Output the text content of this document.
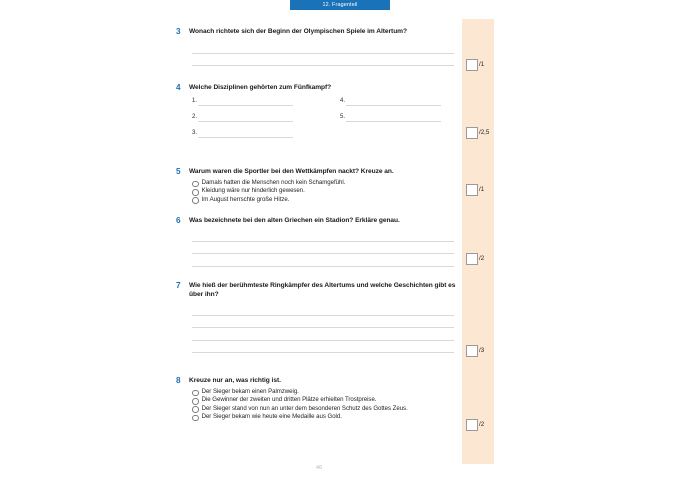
12. Fragenteil
3	Wonach richtete sich der Beginn der Olympischen Spiele im Altertum?
4	Welche Disziplinen gehörten zum Fünfkampf?
1.
2.
3.
4.
5.
5	Warum waren die Sportler bei den Wettkämpfen nackt? Kreuze an.
Damals hatten die Menschen noch kein Schamgefühl.
Kleidung wäre nur hinderlich gewesen.
Im August herrschte große Hitze.
6	Was bezeichnete bei den alten Griechen ein Stadion? Erkläre genau.
7	Wie hieß der berühmteste Ringkämpfer des Altertums und welche Geschichten gibt es über ihn?
8	Kreuze nur an, was richtig ist.
Der Sieger bekam einen Palmzweig.
Die Gewinner der zweiten und dritten Plätze erhielten Trostpreise.
Der Sieger stand von nun an unter dem besonderen Schutz des Gottes Zeus.
Der Sieger bekam wie heute eine Medaille aus Gold.
46
/1
/2,5
/1
/2
/3
/2
